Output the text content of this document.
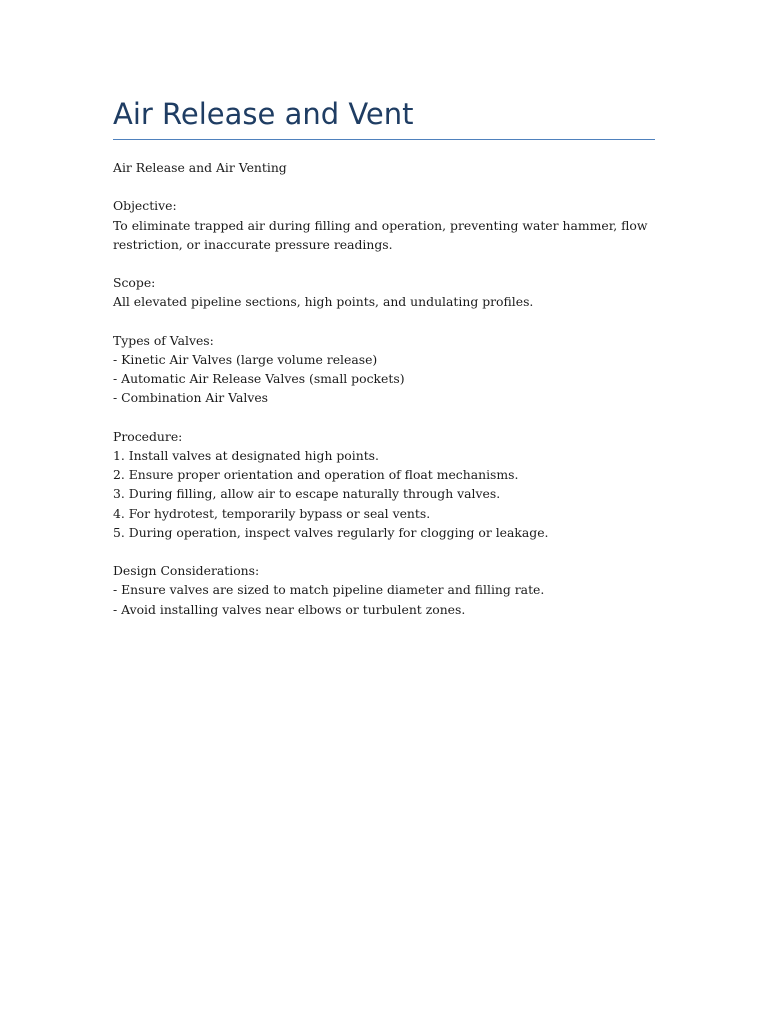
Air Release and Vent

Air Release and Air Venting

Objective:
To eliminate trapped air during filling and operation, preventing water hammer, flow
restriction, or inaccurate pressure readings.
Scope:
All elevated pipeline sections, high points, and undulating profiles.
Types of Valves:
- Kinetic Air Valves (large volume release)
- Automatic Air Release Valves (small pockets)
- Combination Air Valves
Procedure:
1. Install valves at designated high points.
2. Ensure proper orientation and operation of float mechanisms.
3. During filling, allow air to escape naturally through valves.
4. For hydrotest, temporarily bypass or seal vents.
5. During operation, inspect valves regularly for clogging or leakage.
Design Considerations:
- Ensure valves are sized to match pipeline diameter and filling rate.
- Avoid installing valves near elbows or turbulent zones.
